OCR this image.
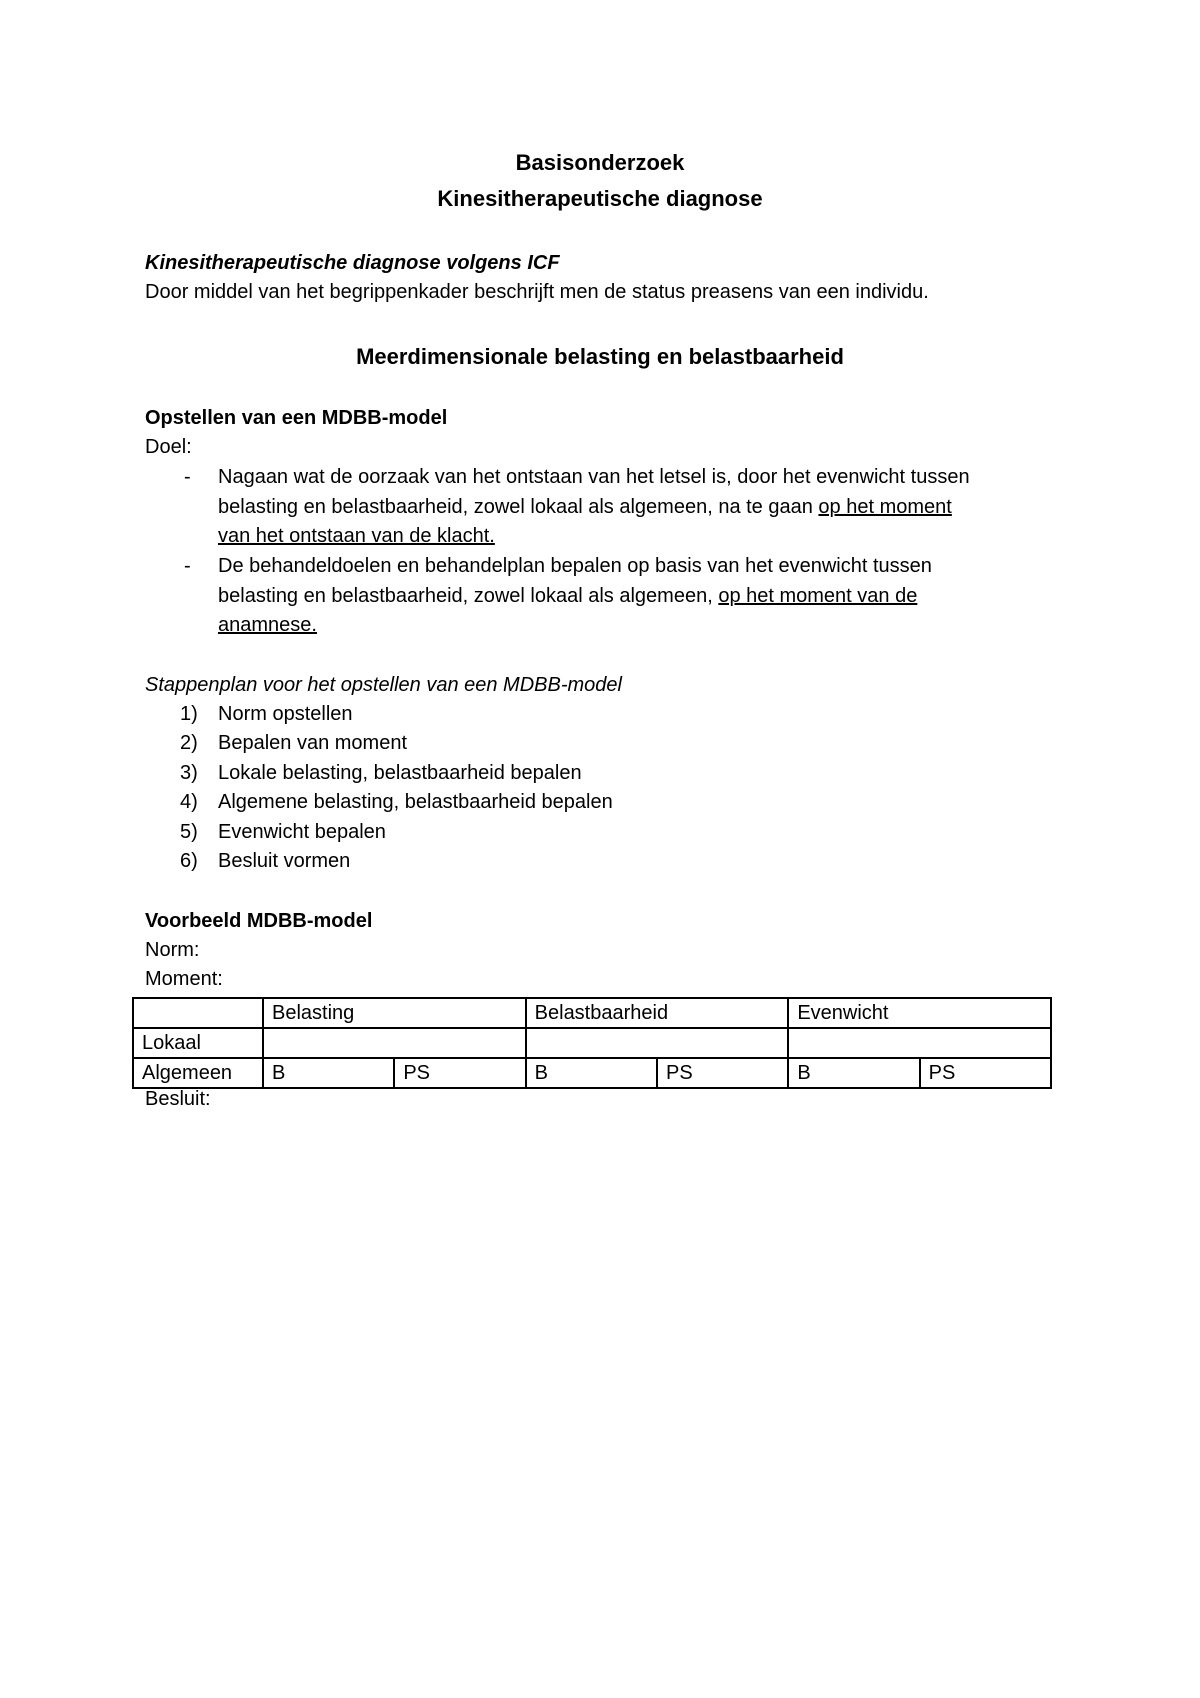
Basisonderzoek
Kinesitherapeutische diagnose
Kinesitherapeutische diagnose volgens ICF
Door middel van het begrippenkader beschrijft men de status preasens van een individu.
Meerdimensionale belasting en belastbaarheid
Opstellen van een MDBB-model
Doel:
- Nagaan wat de oorzaak van het ontstaan van het letsel is, door het evenwicht tussen
belasting en belastbaarheid, zowel lokaal als algemeen, na te gaan op het moment
van het ontstaan van de klacht.
- De behandeldoelen en behandelplan bepalen op basis van het evenwicht tussen
belasting en belastbaarheid, zowel lokaal als algemeen, op het moment van de
anamnese.
Stappenplan voor het opstellen van een MDBB-model
1) Norm opstellen
2) Bepalen van moment
3) Lokale belasting, belastbaarheid bepalen
4) Algemene belasting, belastbaarheid bepalen
5) Evenwicht bepalen
6) Besluit vormen
Voorbeeld MDBB-model
Norm:
Moment:
	Belasting		Belastbaarheid		Evenwicht	
Lokaal						
Algemeen	B	PS	B	PS	B	PS
Besluit:
